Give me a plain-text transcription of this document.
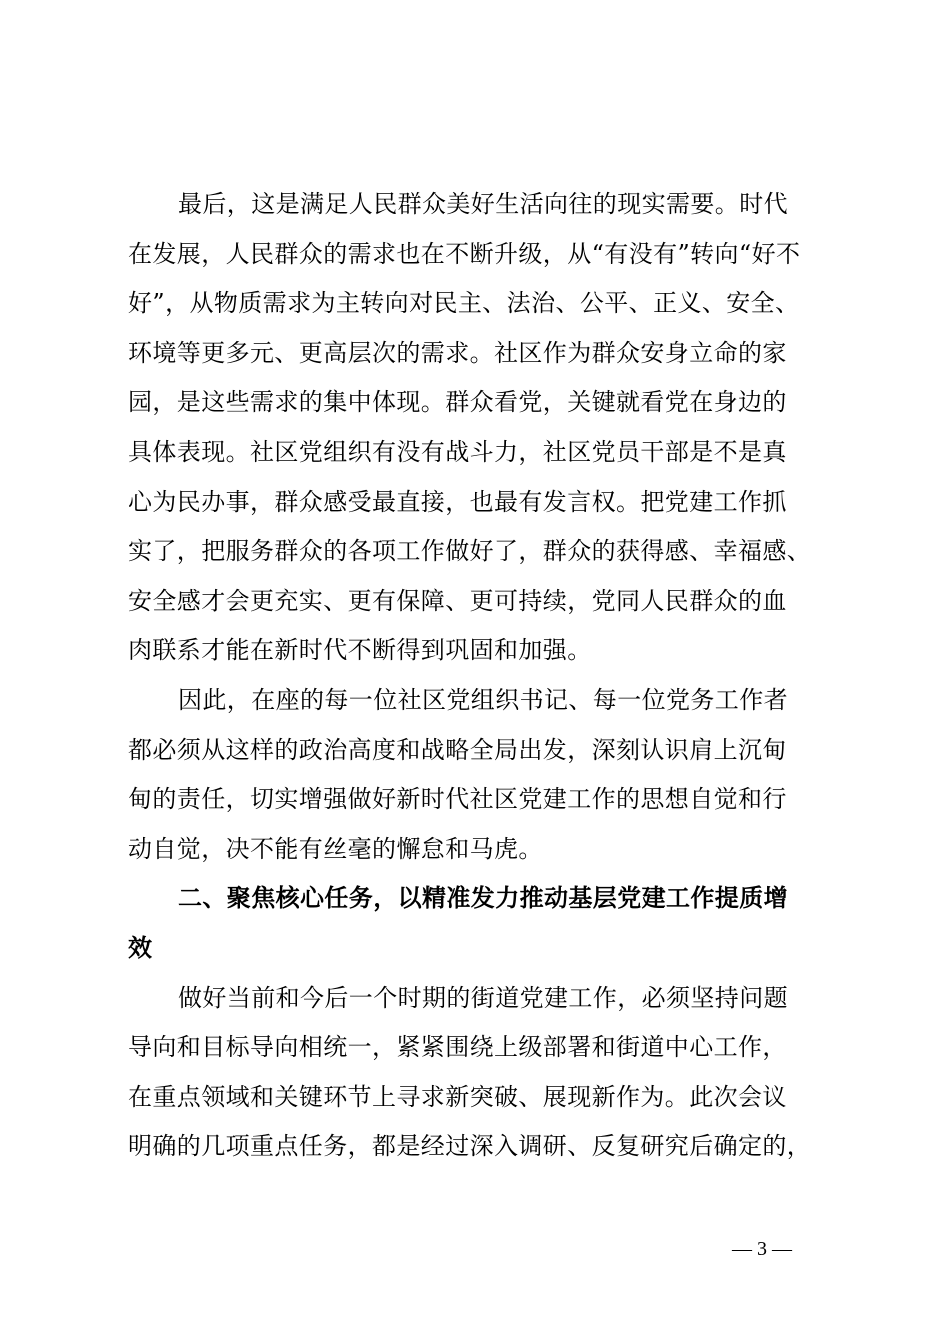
最后，这是满足人民群众美好生活向往的现实需要。时代
在发展，人民群众的需求也在不断升级，从“有没有”转向“好不
好”，从物质需求为主转向对民主、法治、公平、正义、安全、
环境等更多元、更高层次的需求。社区作为群众安身立命的家
园，是这些需求的集中体现。群众看党，关键就看党在身边的
具体表现。社区党组织有没有战斗力，社区党员干部是不是真
心为民办事，群众感受最直接，也最有发言权。把党建工作抓
实了，把服务群众的各项工作做好了，群众的获得感、幸福感、
安全感才会更充实、更有保障、更可持续，党同人民群众的血
肉联系才能在新时代不断得到巩固和加强。
因此，在座的每一位社区党组织书记、每一位党务工作者
都必须从这样的政治高度和战略全局出发，深刻认识肩上沉甸
甸的责任，切实增强做好新时代社区党建工作的思想自觉和行
动自觉，决不能有丝毫的懈怠和马虎。
二、聚焦核心任务，以精准发力推动基层党建工作提质增
效
做好当前和今后一个时期的街道党建工作，必须坚持问题
导向和目标导向相统一，紧紧围绕上级部署和街道中心工作，
在重点领域和关键环节上寻求新突破、展现新作为。此次会议
明确的几项重点任务，都是经过深入调研、反复研究后确定的，
— 3 —
